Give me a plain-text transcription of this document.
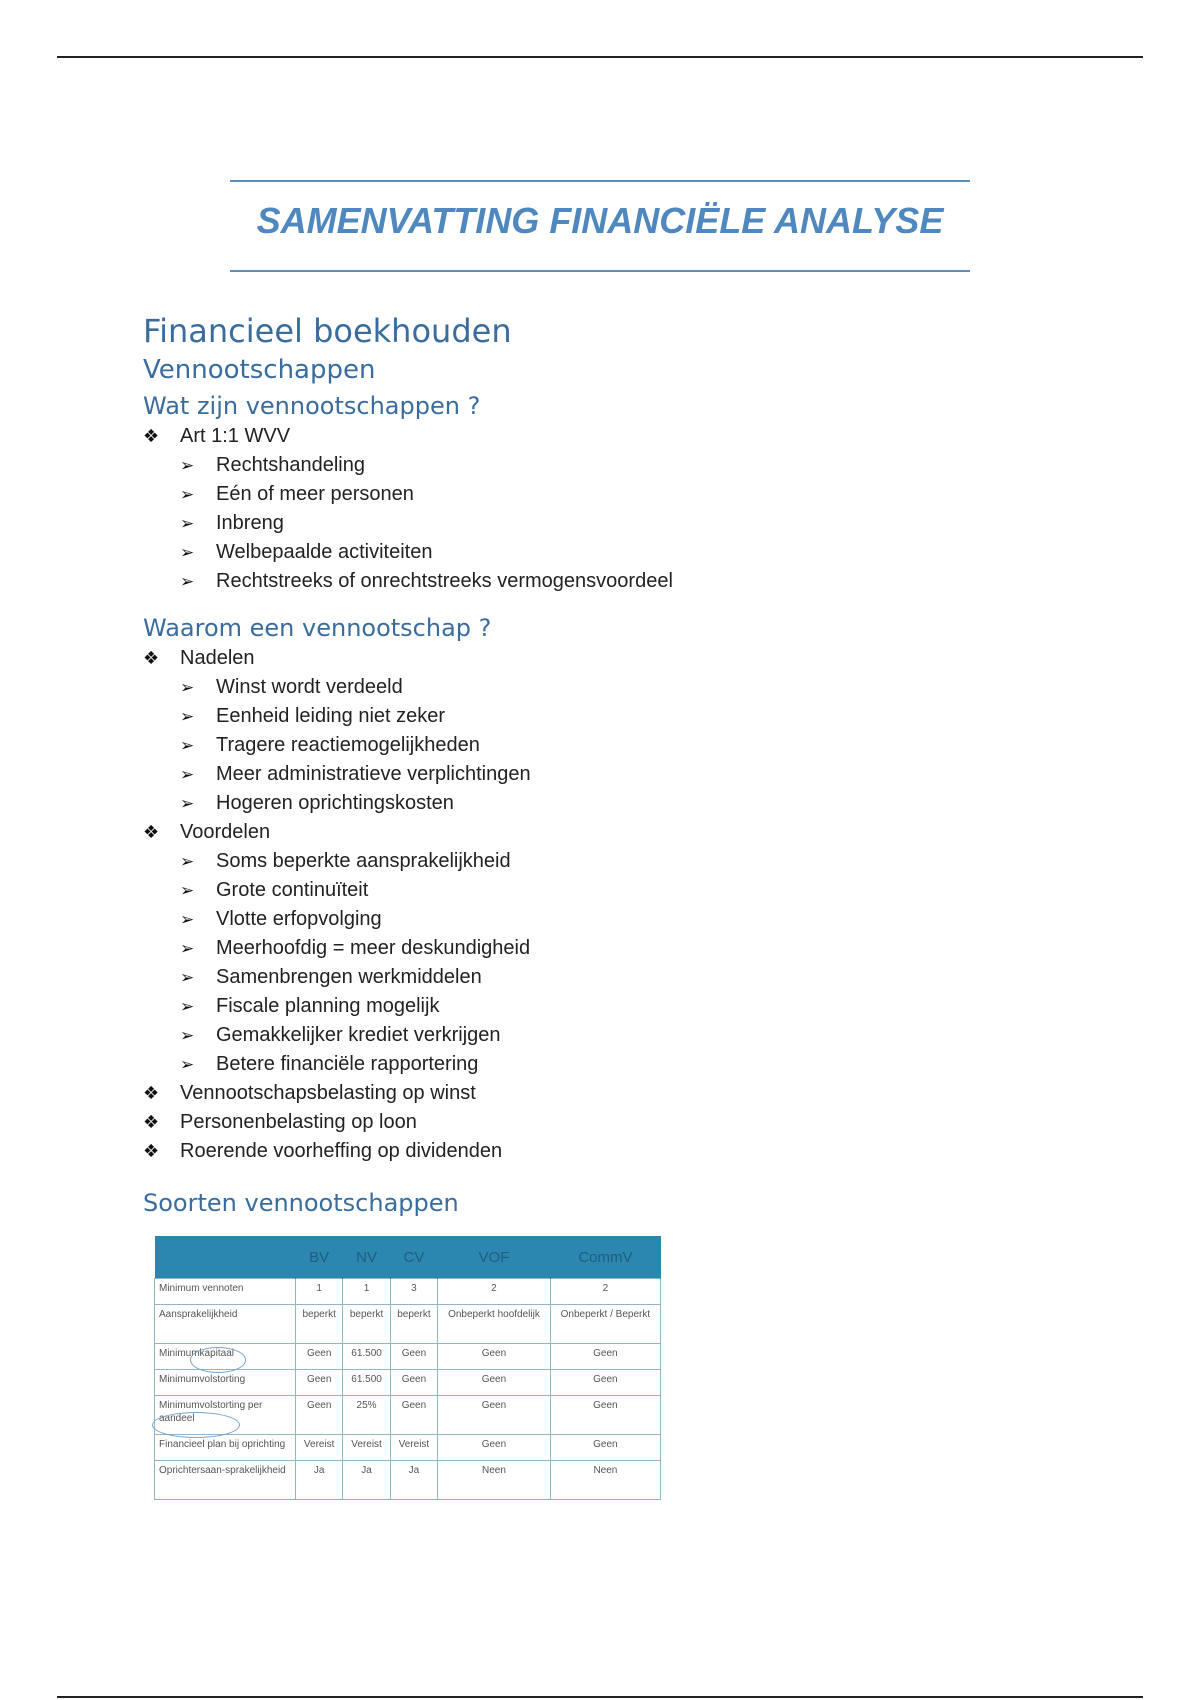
SAMENVATTING FINANCIËLE ANALYSE
Financieel boekhouden
Vennootschappen
Wat zijn vennootschappen ?
❖ Art 1:1 WVV
➢ Rechtshandeling
➢ Eén of meer personen
➢ Inbreng
➢ Welbepaalde activiteiten
➢ Rechtstreeks of onrechtstreeks vermogensvoordeel
Waarom een vennootschap ?
❖ Nadelen
➢ Winst wordt verdeeld
➢ Eenheid leiding niet zeker
➢ Tragere reactiemogelijkheden
➢ Meer administratieve verplichtingen
➢ Hogeren oprichtingskosten
❖ Voordelen
➢ Soms beperkte aansprakelijkheid
➢ Grote continuïteit
➢ Vlotte erfopvolging
➢ Meerhoofdig = meer deskundigheid
➢ Samenbrengen werkmiddelen
➢ Fiscale planning mogelijk
➢ Gemakkelijker krediet verkrijgen
➢ Betere financiële rapportering
❖ Vennootschapsbelasting op winst
❖ Personenbelasting op loon
❖ Roerende voorheffing op dividenden
Soorten vennootschappen
	BV	NV	CV	VOF	CommV
Minimum vennoten	1	1	3	2	2
Aansprakelijkheid	beperkt	beperkt	beperkt	Onbeperkt hoofdelijk	Onbeperkt / Beperkt
Minimumkapitaal	Geen	61.500	Geen	Geen	Geen
Minimumvolstorting	Geen	61.500	Geen	Geen	Geen
Minimumvolstorting per aandeel	Geen	25%	Geen	Geen	Geen
Financieel plan bij oprichting	Vereist	Vereist	Vereist	Geen	Geen
Oprichtersaan-sprakelijkheid	Ja	Ja	Ja	Neen	Neen
